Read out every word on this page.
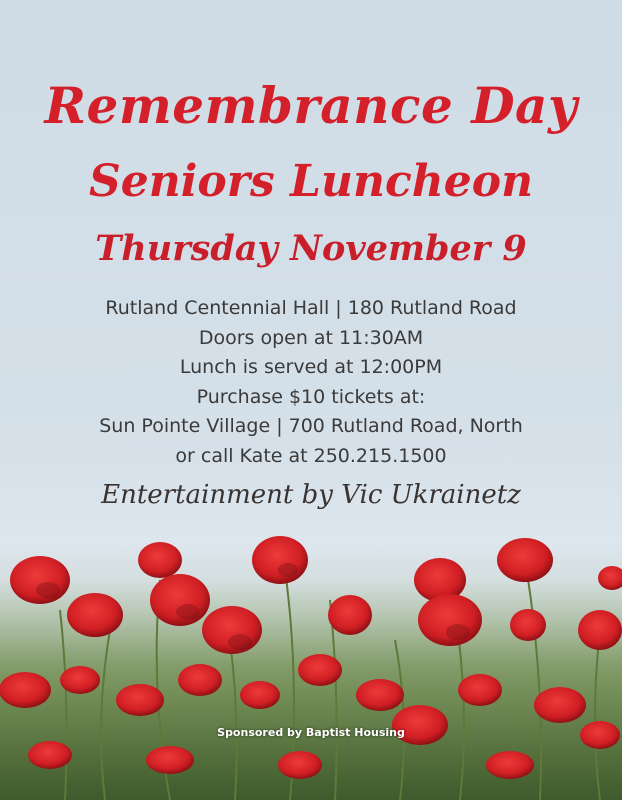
Remembrance Day
Seniors Luncheon
Thursday November 9
Rutland Centennial Hall | 180 Rutland Road
Doors open at 11:30AM
Lunch is served at 12:00PM
Purchase $10 tickets at:
Sun Pointe Village | 700 Rutland Road, North
or call Kate at 250.215.1500
Entertainment by Vic Ukrainetz
Sponsored by Baptist Housing
